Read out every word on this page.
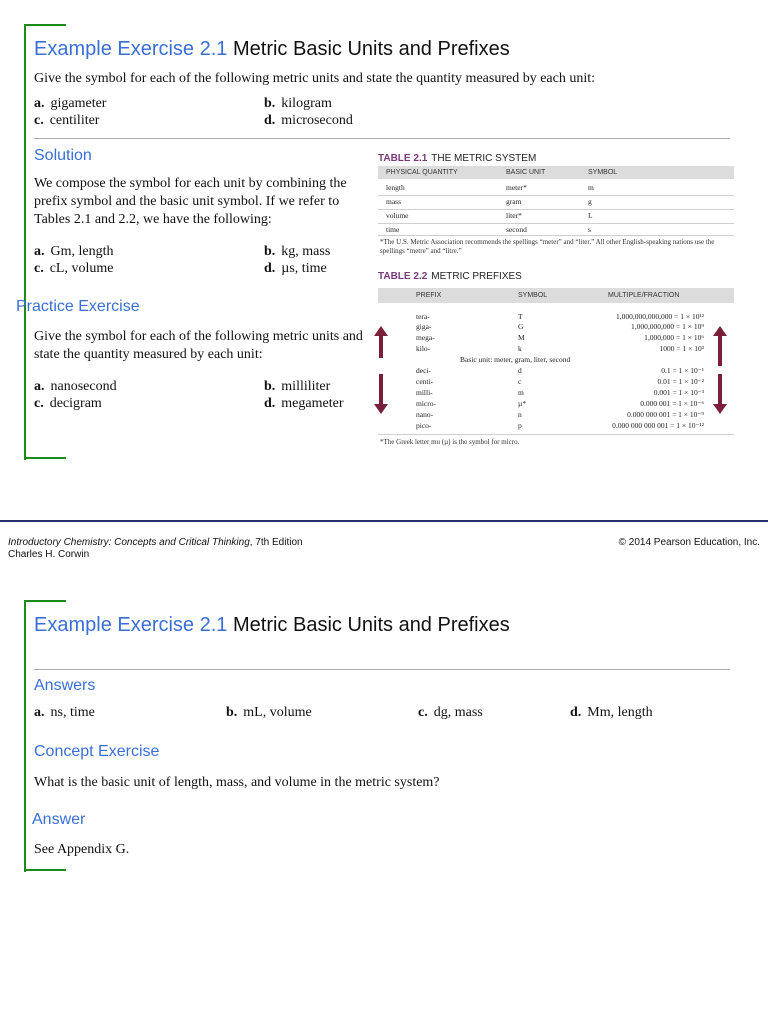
Example Exercise 2.1 Metric Basic Units and Prefixes
Give the symbol for each of the following metric units and state the quantity measured by each unit:
a. gigameter	b. kilogram
c. centiliter	d. microsecond
Solution
We compose the symbol for each unit by combining the prefix symbol and the basic unit symbol. If we refer to Tables 2.1 and 2.2, we have the following:
a. Gm, length	b. kg, mass
c. cL, volume	d. µs, time
Practice Exercise
Give the symbol for each of the following metric units and state the quantity measured by each unit:
a. nanosecond	b. milliliter
c. decigram	d. megameter
TABLE 2.1 THE METRIC SYSTEM
PHYSICAL QUANTITY	BASIC UNIT	SYMBOL
length	meter*	m
mass	gram	g
volume	liter*	L
time	second	s
*The U.S. Metric Association recommends the spellings “meter” and “liter.” All other English-speaking nations use the spellings “metre” and “litre.”
TABLE 2.2 METRIC PREFIXES
PREFIX	SYMBOL	MULTIPLE/FRACTION
tera-	T	1,000,000,000,000 = 1 × 10¹²
giga-	G	1,000,000,000 = 1 × 10⁹
mega-	M	1,000,000 = 1 × 10⁶
kilo-	k	1000 = 1 × 10³
Basic unit: meter, gram, liter, second
deci-	d	0.1 = 1 × 10⁻¹
centi-	c	0.01 = 1 × 10⁻²
milli-	m	0.001 = 1 × 10⁻³
micro-	µ*	0.000 001 = 1 × 10⁻⁶
nano-	n	0.000 000 001 = 1 × 10⁻⁹
pico-	p	0.000 000 000 001 = 1 × 10⁻¹²
*The Greek letter mu (µ) is the symbol for micro.
Introductory Chemistry: Concepts and Critical Thinking, 7th Edition
Charles H. Corwin
© 2014 Pearson Education, Inc.
Example Exercise 2.1 Metric Basic Units and Prefixes
Answers
a. ns, time	b. mL, volume	c. dg, mass	d. Mm, length
Concept Exercise
What is the basic unit of length, mass, and volume in the metric system?
Answer
See Appendix G.
